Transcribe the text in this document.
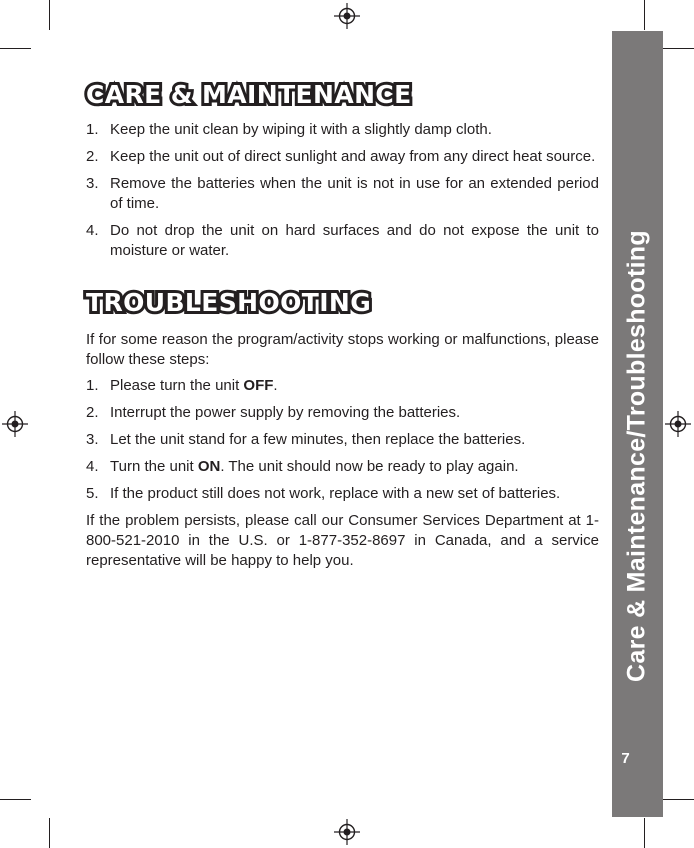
Care & Maintenance/Troubleshooting
7
CARE & MAINTENANCE
1. Keep the unit clean by wiping it with a slightly damp cloth.
2. Keep the unit out of direct sunlight and away from any direct heat source.
3. Remove the batteries when the unit is not in use for an extended period of time.
4. Do not drop the unit on hard surfaces and do not expose the unit to moisture or water.
TROUBLESHOOTING

If for some reason the program/activity stops working or malfunctions, please follow these steps:

1. Please turn the unit OFF.
2. Interrupt the power supply by removing the batteries.
3. Let the unit stand for a few minutes, then replace the batteries.
4. Turn the unit ON. The unit should now be ready to play again.
5. If the product still does not work, replace with a new set of batteries.

If the problem persists, please call our Consumer Services Department at 1-800-521-2010 in the U.S. or 1-877-352-8697 in Canada, and a service representative will be happy to help you.
